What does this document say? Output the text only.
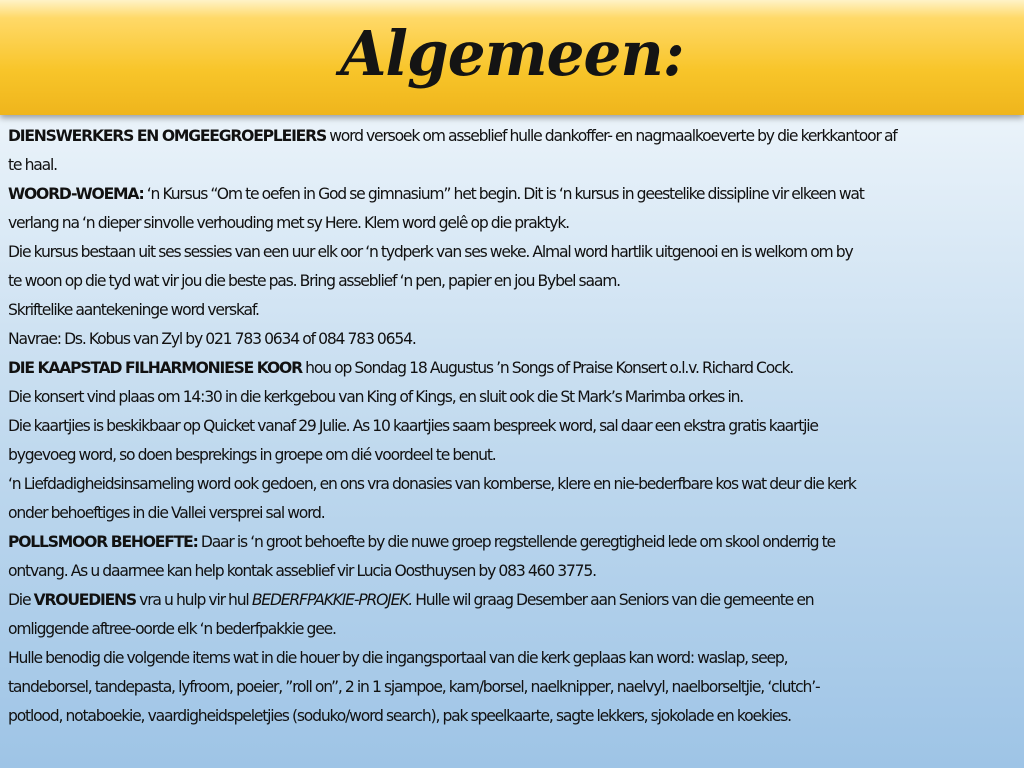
Algemeen:
DIENSWERKERS EN OMGEEGROEPLEIERS word versoek om asseblief hulle dankoffer- en nagmaalkoeverte by die kerkkantoor af
te haal.
WOORD-WOEMA: ‘n Kursus “Om te oefen in God se gimnasium” het begin. Dit is ‘n kursus in geestelike dissipline vir elkeen wat
verlang na ‘n dieper sinvolle verhouding met sy Here. Klem word gelê op die praktyk.
Die kursus bestaan uit ses sessies van een uur elk oor ‘n tydperk van ses weke. Almal word hartlik uitgenooi en is welkom om by
te woon op die tyd wat vir jou die beste pas. Bring asseblief ‘n pen, papier en jou Bybel saam.
Skriftelike aantekeninge word verskaf.
Navrae: Ds. Kobus van Zyl by 021 783 0634 of 084 783 0654.
DIE KAAPSTAD FILHARMONIESE KOOR hou op Sondag 18 Augustus ’n Songs of Praise Konsert o.l.v. Richard Cock.
Die konsert vind plaas om 14:30 in die kerkgebou van King of Kings, en sluit ook die St Mark’s Marimba orkes in.
Die kaartjies is beskikbaar op Quicket vanaf 29 Julie. As 10 kaartjies saam bespreek word, sal daar een ekstra gratis kaartjie
bygevoeg word, so doen besprekings in groepe om dié voordeel te benut.
‘n Liefdadigheidsinsameling word ook gedoen, en ons vra donasies van komberse, klere en nie-bederfbare kos wat deur die kerk
onder behoeftiges in die Vallei versprei sal word.
POLLSMOOR BEHOEFTE: Daar is ‘n groot behoefte by die nuwe groep regstellende geregtigheid lede om skool onderrig te
ontvang. As u daarmee kan help kontak asseblief vir Lucia Oosthuysen by 083 460 3775.
Die VROUEDIENS vra u hulp vir hul BEDERFPAKKIE-PROJEK. Hulle wil graag Desember aan Seniors van die gemeente en
omliggende aftree-oorde elk ‘n bederfpakkie gee.
Hulle benodig die volgende items wat in die houer by die ingangsportaal van die kerk geplaas kan word: waslap, seep,
tandeborsel, tandepasta, lyfroom, poeier, ”roll on”, 2 in 1 sjampoe, kam/borsel, naelknipper, naelvyl, naelborseltjie, ‘clutch’-
potlood, notaboekie, vaardigheidspeletjies (soduko/word search), pak speelkaarte, sagte lekkers, sjokolade en koekies.
